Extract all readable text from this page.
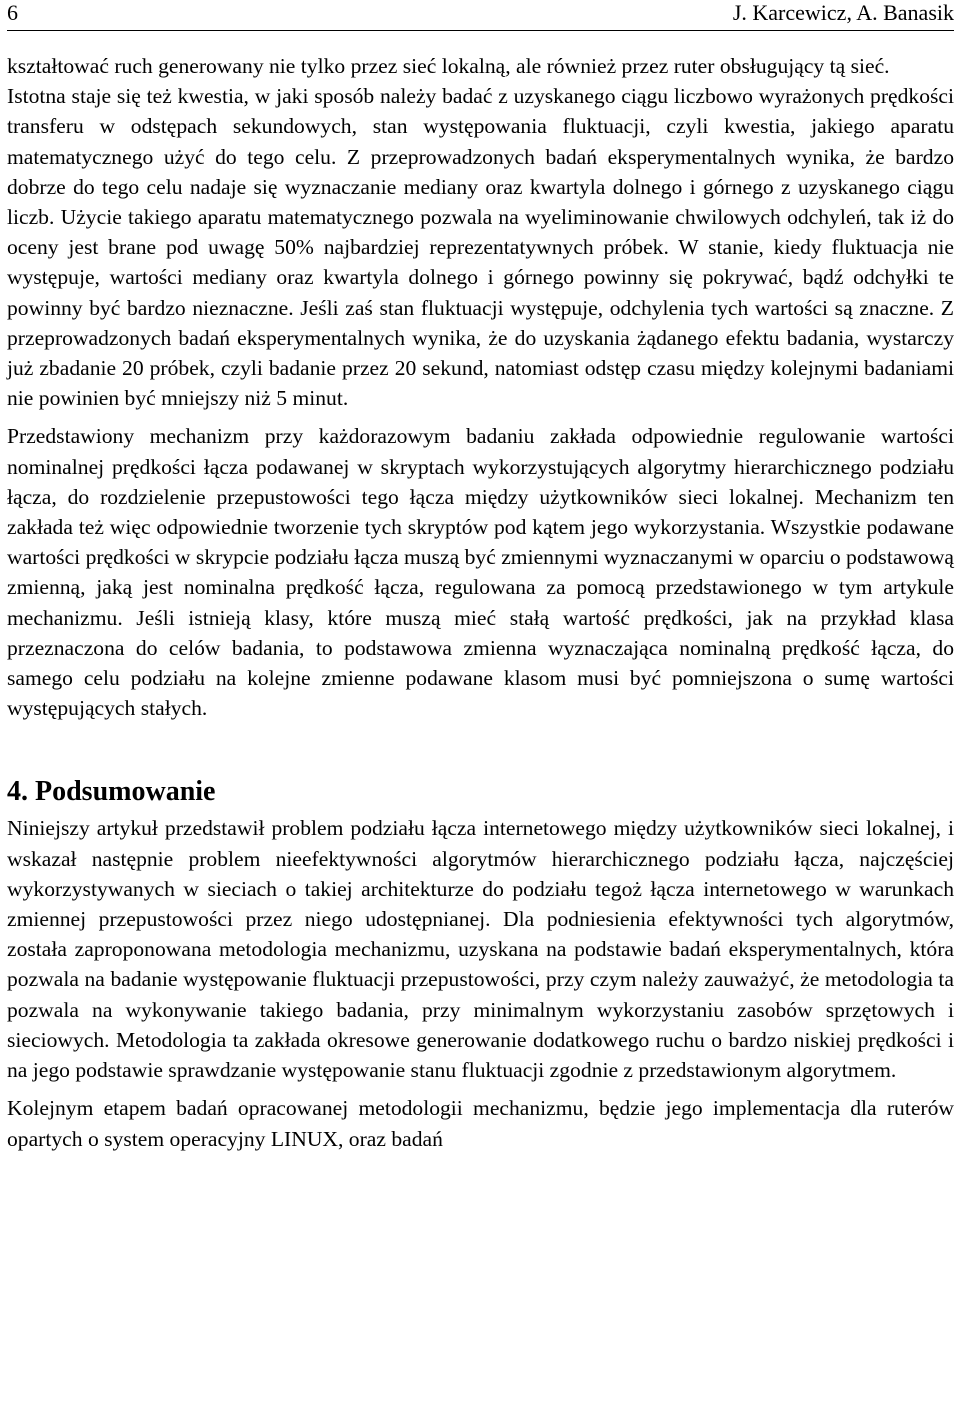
6	J. Karcewicz, A. Banasik

kształtować ruch generowany nie tylko przez sieć lokalną, ale również przez ruter obsługujący tą sieć.

Istotna staje się też kwestia, w jaki sposób należy badać z uzyskanego ciągu liczbowo wyrażonych prędkości transferu w odstępach sekundowych, stan występowania fluktuacji, czyli kwestia, jakiego aparatu matematycznego użyć do tego celu. Z przeprowadzonych badań eksperymentalnych wynika, że bardzo dobrze do tego celu nadaje się wyznaczanie mediany oraz kwartyla dolnego i górnego z uzyskanego ciągu liczb. Użycie takiego aparatu matematycznego pozwala na wyeliminowanie chwilowych odchyleń, tak iż do oceny jest brane pod uwagę 50% najbardziej reprezentatywnych próbek. W stanie, kiedy fluktuacja nie występuje, wartości mediany oraz kwartyla dolnego i górnego powinny się pokrywać, bądź odchyłki te powinny być bardzo nieznaczne. Jeśli zaś stan fluktuacji występuje, odchylenia tych wartości są znaczne. Z przeprowadzonych badań eksperymentalnych wynika, że do uzyskania żądanego efektu badania, wystarczy już zbadanie 20 próbek, czyli badanie przez 20 sekund, natomiast odstęp czasu między kolejnymi badaniami nie powinien być mniejszy niż 5 minut.

Przedstawiony mechanizm przy każdorazowym badaniu zakłada odpowiednie regulowanie wartości nominalnej prędkości łącza podawanej w skryptach wykorzystujących algorytmy hierarchicznego podziału łącza, do rozdzielenie przepustowości tego łącza między użytkowników sieci lokalnej. Mechanizm ten zakłada też więc odpowiednie tworzenie tych skryptów pod kątem jego wykorzystania. Wszystkie podawane wartości prędkości w skrypcie podziału łącza muszą być zmiennymi wyznaczanymi w oparciu o podstawową zmienną, jaką jest nominalna prędkość łącza, regulowana za pomocą przedstawionego w tym artykule mechanizmu. Jeśli istnieją klasy, które muszą mieć stałą wartość prędkości, jak na przykład klasa przeznaczona do celów badania, to podstawowa zmienna wyznaczająca nominalną prędkość łącza, do samego celu podziału na kolejne zmienne podawane klasom musi być pomniejszona o sumę wartości występujących stałych.

4. Podsumowanie

Niniejszy artykuł przedstawił problem podziału łącza internetowego między użytkowników sieci lokalnej, i wskazał następnie problem nieefektywności algorytmów hierarchicznego podziału łącza, najczęściej wykorzystywanych w sieciach o takiej architekturze do podziału tegoż łącza internetowego w warunkach zmiennej przepustowości przez niego udostępnianej. Dla podniesienia efektywności tych algorytmów, została zaproponowana metodologia mechanizmu, uzyskana na podstawie badań eksperymentalnych, która pozwala na badanie występowanie fluktuacji przepustowości, przy czym należy zauważyć, że metodologia ta pozwala na wykonywanie takiego badania, przy minimalnym wykorzystaniu zasobów sprzętowych i sieciowych. Metodologia ta zakłada okresowe generowanie dodatkowego ruchu o bardzo niskiej prędkości i na jego podstawie sprawdzanie występowanie stanu fluktuacji zgodnie z przedstawionym algorytmem.

Kolejnym etapem badań opracowanej metodologii mechanizmu, będzie jego implementacja dla ruterów opartych o system operacyjny LINUX, oraz badań
